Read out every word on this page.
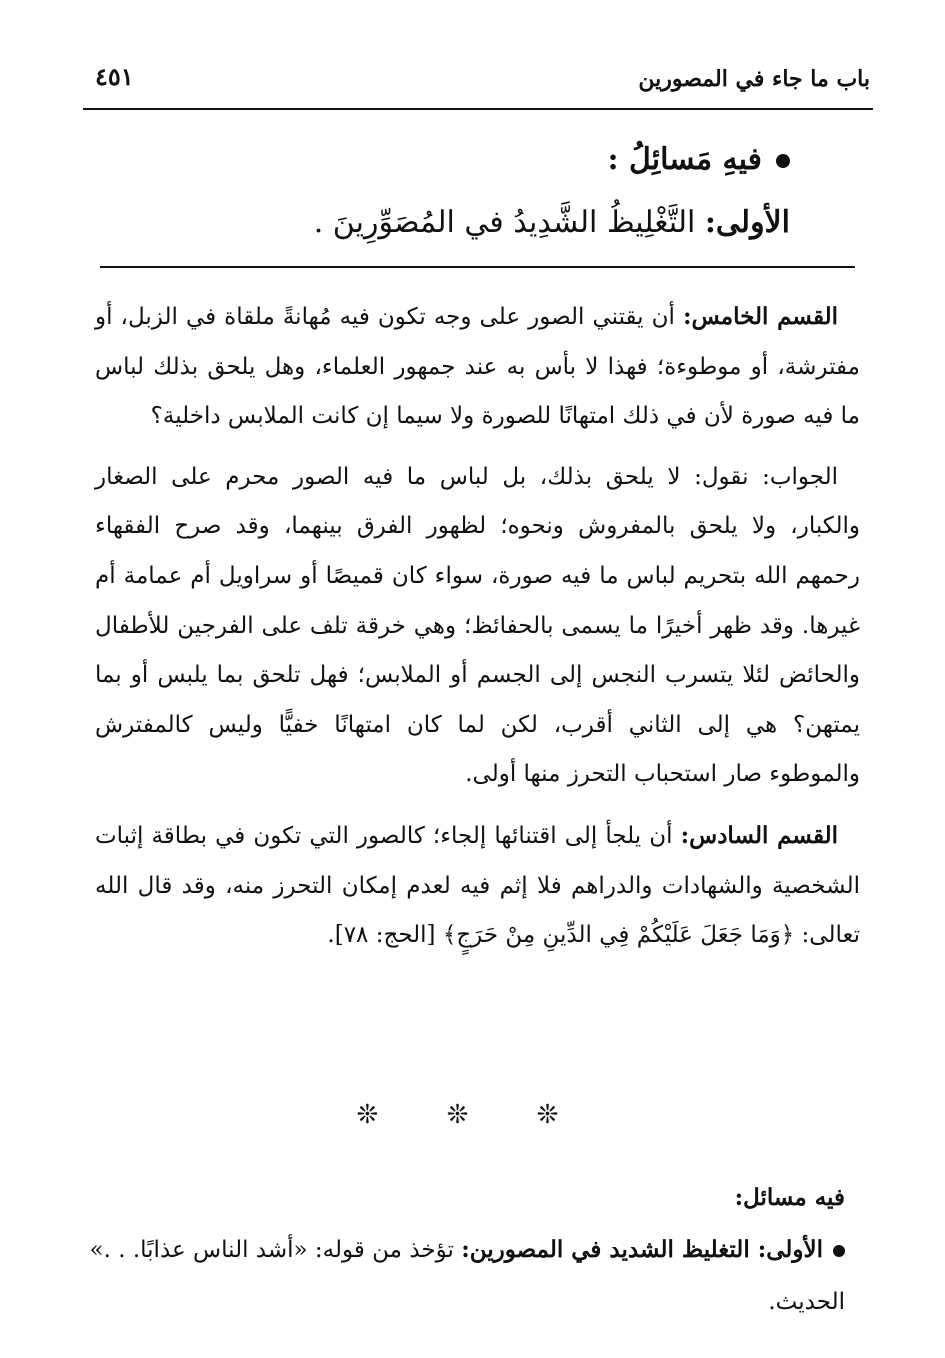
باب ما جاء في المصورين
٤٥١
فيهِ مَسائِلُ :
الأولى: التَّغْلِيظُ الشَّدِيدُ في المُصَوِّرِينَ .

القسم الخامس: أن يقتني الصور على وجه تكون فيه مُهانةً ملقاة في الزبل، أو مفترشة، أو موطوءة؛ فهذا لا بأس به عند جمهور العلماء، وهل يلحق بذلك لباس ما فيه صورة لأن في ذلك امتهانًا للصورة ولا سيما إن كانت الملابس داخلية؟

الجواب: نقول: لا يلحق بذلك، بل لباس ما فيه الصور محرم على الصغار والكبار، ولا يلحق بالمفروش ونحوه؛ لظهور الفرق بينهما، وقد صرح الفقهاء رحمهم الله بتحريم لباس ما فيه صورة، سواء كان قميصًا أو سراويل أم عمامة أم غيرها. وقد ظهر أخيرًا ما يسمى بالحفائظ؛ وهي خرقة تلف على الفرجين للأطفال والحائض لئلا يتسرب النجس إلى الجسم أو الملابس؛ فهل تلحق بما يلبس أو بما يمتهن؟ هي إلى الثاني أقرب، لكن لما كان امتهانًا خفيًّا وليس كالمفترش والموطوء صار استحباب التحرز منها أولى.

القسم السادس: أن يلجأ إلى اقتنائها إلجاء؛ كالصور التي تكون في بطاقة إثبات الشخصية والشهادات والدراهم فلا إثم فيه لعدم إمكان التحرز منه، وقد قال الله تعالى: ﴿وَمَا جَعَلَ عَلَيْكُمْ فِي الدِّينِ مِنْ حَرَجٍ﴾ [الحج: ٧٨].

❊ ❊ ❊

فيه مسائل:

الأولى: التغليظ الشديد في المصورين: تؤخذ من قوله: «أشد الناس عذابًا. . .» الحديث.
